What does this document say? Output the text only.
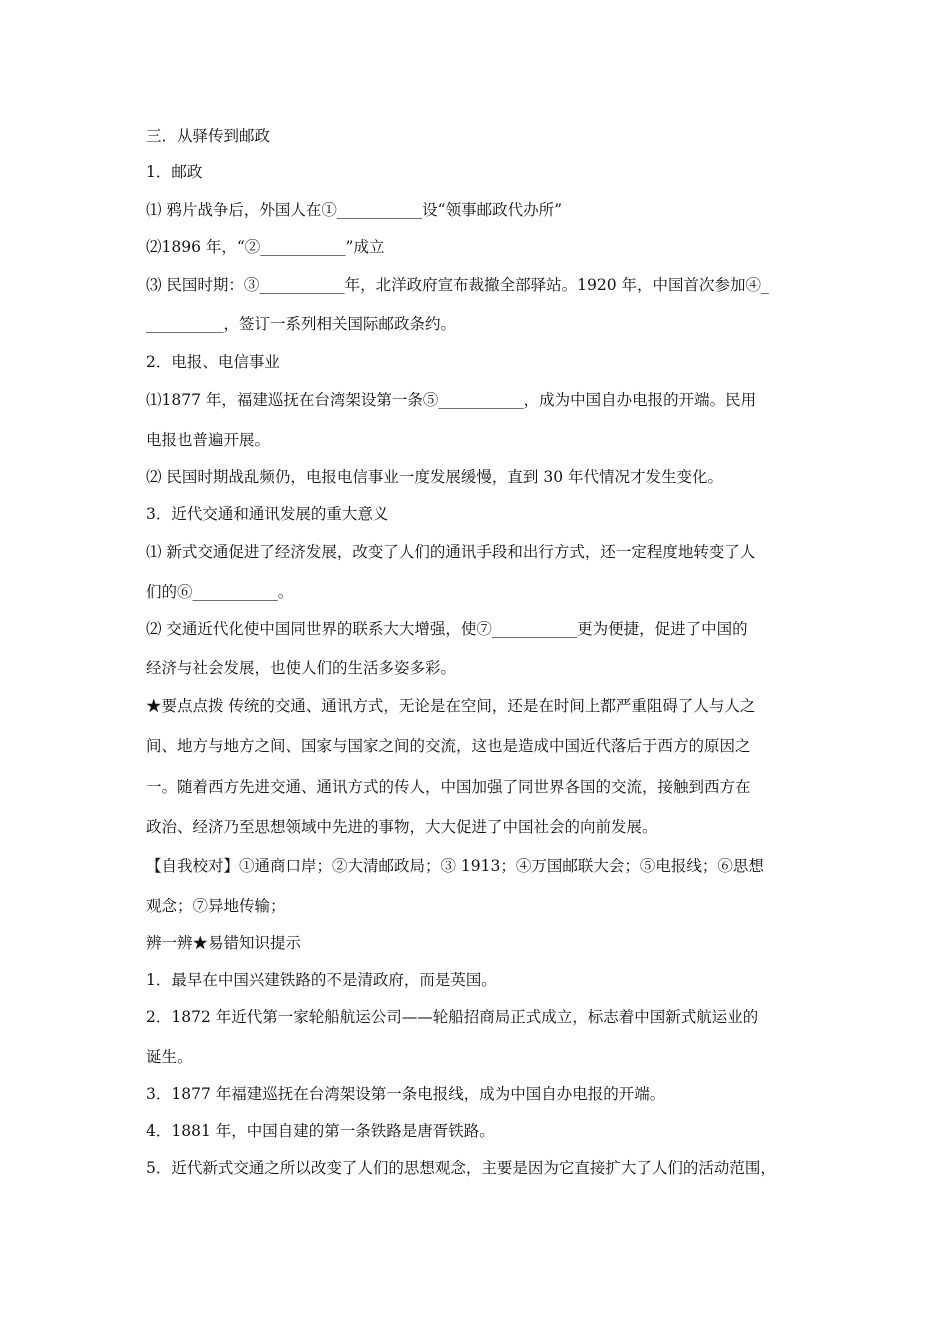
三．从驿传到邮政
1．邮政
⑴ 鸦片战争后，外国人在①___________设“领事邮政代办所”
⑵1896 年，“②___________”成立
⑶ 民国时期：③___________年，北洋政府宣布裁撤全部驿站。1920 年，中国首次参加④_
__________，签订一系列相关国际邮政条约。
2．电报、电信事业
⑴1877 年，福建巡抚在台湾架设第一条⑤___________，成为中国自办电报的开端。民用
电报也普遍开展。
⑵ 民国时期战乱频仍，电报电信事业一度发展缓慢，直到 30 年代情况才发生变化。
3．近代交通和通讯发展的重大意义
⑴ 新式交通促进了经济发展，改变了人们的通讯手段和出行方式，还一定程度地转变了人
们的⑥___________。
⑵ 交通近代化使中国同世界的联系大大增强，使⑦___________更为便捷，促进了中国的
经济与社会发展，也使人们的生活多姿多彩。
★要点点拨 传统的交通、通讯方式，无论是在空间，还是在时间上都严重阻碍了人与人之
间、地方与地方之间、国家与国家之间的交流，这也是造成中国近代落后于西方的原因之
一。随着西方先进交通、通讯方式的传人，中国加强了同世界各国的交流，接触到西方在
政治、经济乃至思想领域中先进的事物，大大促进了中国社会的向前发展。
【自我校对】①通商口岸；②大清邮政局；③ 1913；④万国邮联大会；⑤电报线；⑥思想
观念；⑦异地传输；
辨一辨★易错知识提示
1．最早在中国兴建铁路的不是清政府，而是英国。
2．1872 年近代第一家轮船航运公司——轮船招商局正式成立，标志着中国新式航运业的
诞生。
3．1877 年福建巡抚在台湾架设第一条电报线，成为中国自办电报的开端。
4．1881 年，中国自建的第一条铁路是唐胥铁路。
5．近代新式交通之所以改变了人们的思想观念，主要是因为它直接扩大了人们的活动范围，
